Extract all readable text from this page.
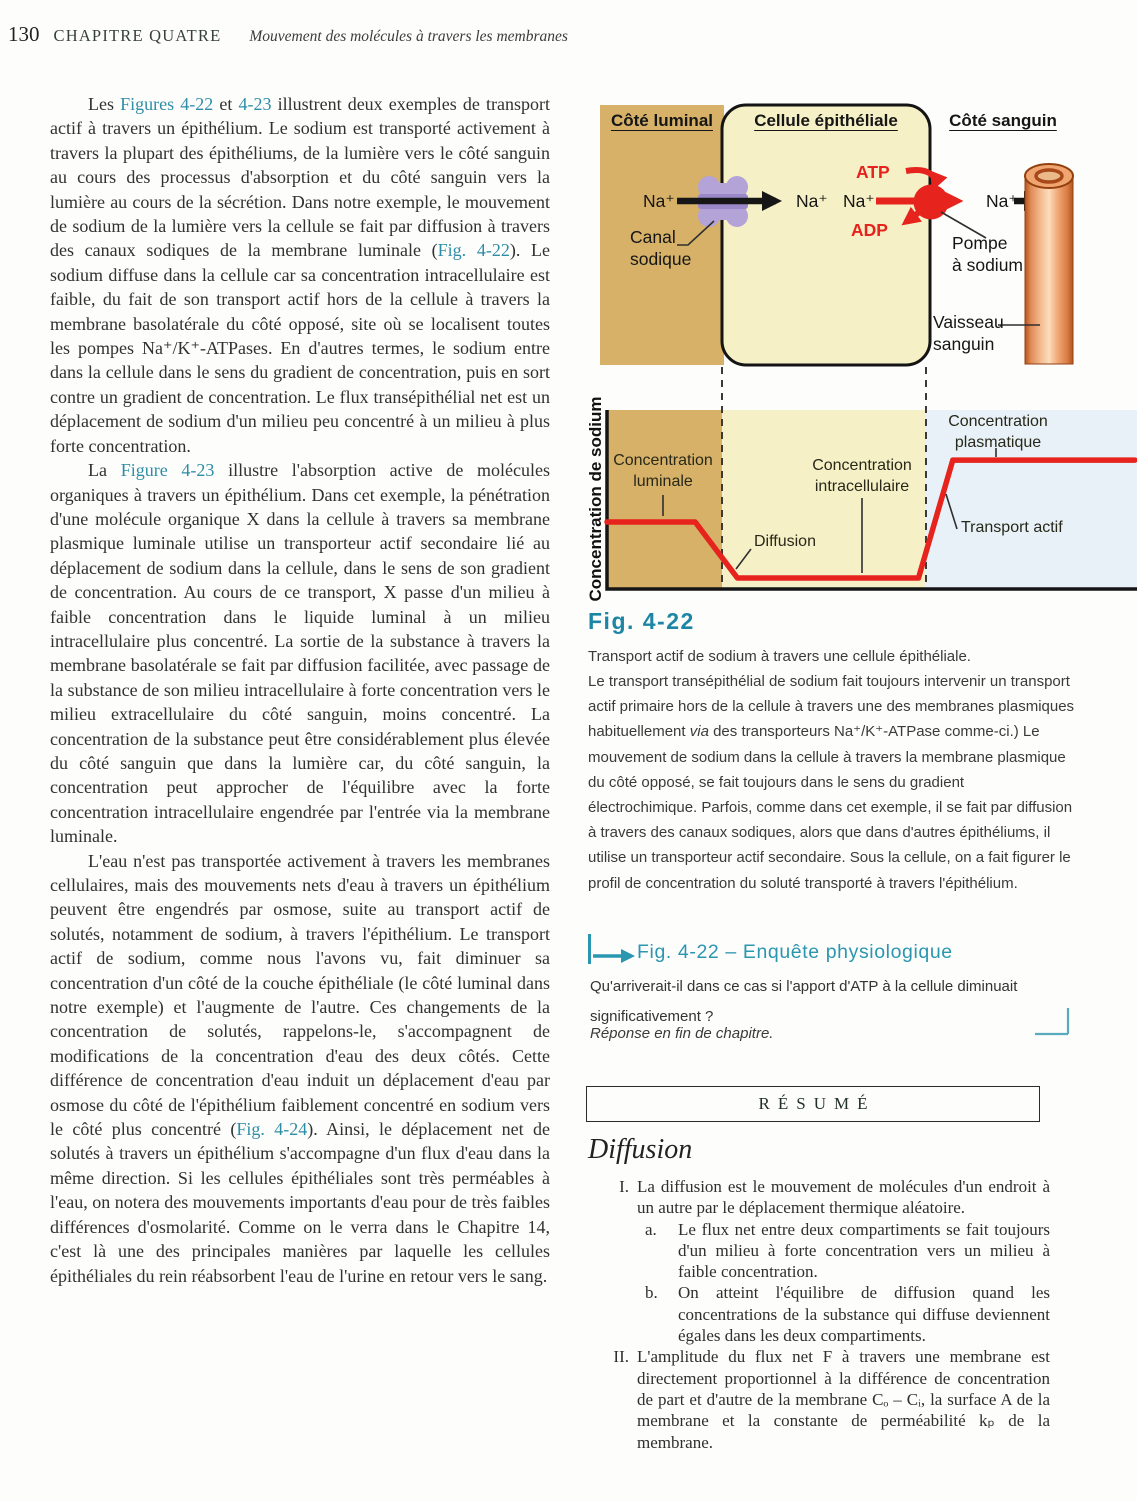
130 CHAPITRE QUATRE Mouvement des molécules à travers les membranes
Les Figures 4-22 et 4-23 illustrent deux exemples de transport actif à travers un épithélium. Le sodium est transporté activement à travers la plupart des épithéliums, de la lumière vers le côté sanguin au cours des processus d'absorption et du côté sanguin vers la lumière au cours de la sécrétion. Dans notre exemple, le mouvement de sodium de la lumière vers la cellule se fait par diffusion à travers des canaux sodiques de la membrane luminale (Fig. 4-22). Le sodium diffuse dans la cellule car sa concentration intracellulaire est faible, du fait de son transport actif hors de la cellule à travers la membrane basolatérale du côté opposé, site où se localisent toutes les pompes Na⁺/K⁺-ATPases. En d'autres termes, le sodium entre dans la cellule dans le sens du gradient de concentration, puis en sort contre un gradient de concentration. Le flux transépithélial net est un déplacement de sodium d'un milieu peu concentré à un milieu à plus forte concentration.
La Figure 4-23 illustre l'absorption active de molécules organiques à travers un épithélium. Dans cet exemple, la pénétration d'une molécule organique X dans la cellule à travers sa membrane plasmique luminale utilise un transporteur actif secondaire lié au déplacement de sodium dans la cellule, dans le sens de son gradient de concentration. Au cours de ce transport, X passe d'un milieu à faible concentration dans le liquide luminal à un milieu intracellulaire plus concentré. La sortie de la substance à travers la membrane basolatérale se fait par diffusion facilitée, avec passage de la substance de son milieu intracellulaire à forte concentration vers le milieu extracellulaire du côté sanguin, moins concentré. La concentration de la substance peut être considérablement plus élevée du côté sanguin que dans la lumière car, du côté sanguin, la concentration peut approcher de l'équilibre avec la forte concentration intracellulaire engendrée par l'entrée via la membrane luminale.
L'eau n'est pas transportée activement à travers les membranes cellulaires, mais des mouvements nets d'eau à travers un épithélium peuvent être engendrés par osmose, suite au transport actif de solutés, notamment de sodium, à travers l'épithélium. Le transport actif de sodium, comme nous l'avons vu, fait diminuer sa concentration d'un côté de la couche épithéliale (le côté luminal dans notre exemple) et l'augmente de l'autre. Ces changements de la concentration de solutés, rappelons-le, s'accompagnent de modifications de la concentration d'eau des deux côtés. Cette différence de concentration d'eau induit un déplacement d'eau par osmose du côté de l'épithélium faiblement concentré en sodium vers le côté plus concentré (Fig. 4-24). Ainsi, le déplacement net de solutés à travers un épithélium s'accompagne d'un flux d'eau dans la même direction. Si les cellules épithéliales sont très perméables à l'eau, on notera des mouvements importants d'eau pour de très faibles différences d'osmolarité. Comme on le verra dans le Chapitre 14, c'est là une des principales manières par laquelle les cellules épithéliales du rein réabsorbent l'eau de l'urine en retour vers le sang.
Côté luminal	Cellule épithéliale	Côté sanguin
Na⁺	Na⁺ Na⁺	Na⁺
ATP
ADP
Canal
sodique
Pompe
à sodium
Vaisseau
sanguin
Concentration de sodium Concentration
luminale
Diffusion
Concentration
intracellulaire
Transport actif
Concentration
plasmatique
Fig. 4-22
Transport actif de sodium à travers une cellule épithéliale.
Le transport transépithélial de sodium fait toujours intervenir un transport actif primaire hors de la cellule à travers une des membranes plasmiques habituellement via des transporteurs Na⁺/K⁺-ATPase comme-ci.) Le mouvement de sodium dans la cellule à travers la membrane plasmique du côté opposé, se fait toujours dans le sens du gradient électrochimique. Parfois, comme dans cet exemple, il se fait par diffusion à travers des canaux sodiques, alors que dans d'autres épithéliums, il utilise un transporteur actif secondaire. Sous la cellule, on a fait figurer le profil de concentration du soluté transporté à travers l'épithélium.
Fig. 4-22 – Enquête physiologique
Qu'arriverait-il dans ce cas si l'apport d'ATP à la cellule diminuait significativement ?
Réponse en fin de chapitre.
RÉSUMÉ
Diffusion
I. La diffusion est le mouvement de molécules d'un endroit à un autre par le déplacement thermique aléatoire.
a.	Le flux net entre deux compartiments se fait toujours d'un milieu à forte concentration vers un milieu à faible concentration.
b.	On atteint l'équilibre de diffusion quand les concentrations de la substance qui diffuse deviennent égales dans les deux compartiments.
II. L'amplitude du flux net F à travers une membrane est directement proportionnel à la différence de concentration de part et d'autre de la membrane Cₒ – Cᵢ, la surface A de la membrane et la constante de perméabilité kₚ de la membrane.
